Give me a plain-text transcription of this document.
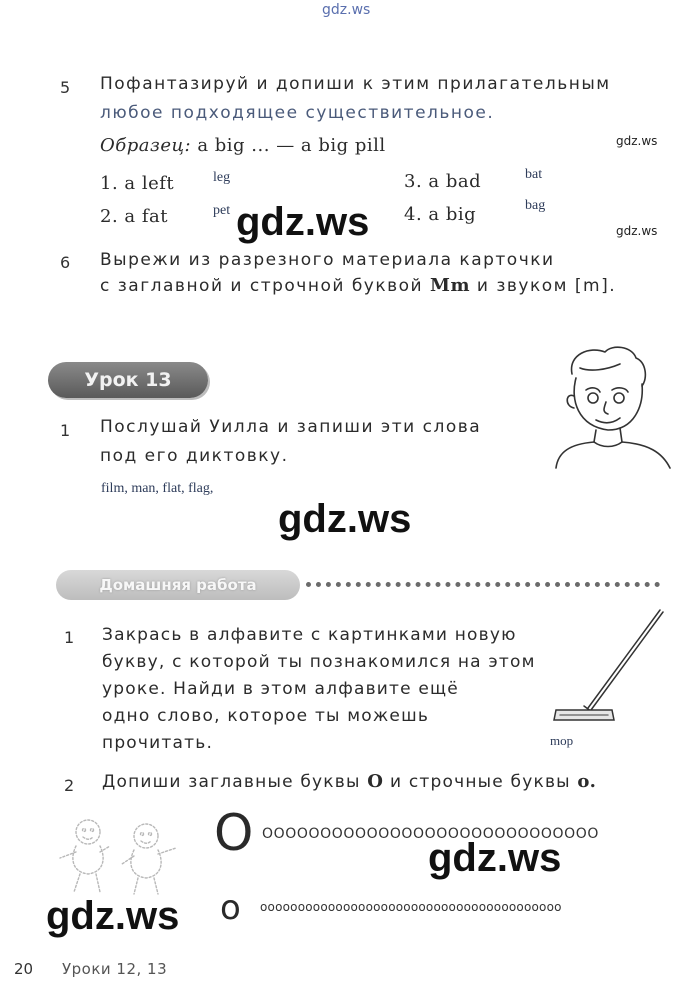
gdz.ws
5 Пофантазируй и допиши к этим прилагательным
любое подходящее существительное.
Образец: a big ... — a big pill	gdz.ws
1. a left	leg	3. a bad	bat
2. a fat	pet	4. a big	bag
gdz.ws
gdz.ws
6 Вырежи из разрезного материала карточки
с заглавной и строчной буквой Mm и звуком [m].
Урок 13
1 Послушай Уилла и запиши эти слова
под его диктовку.
film, man, flat, flag,
gdz.ws
Домашняя работа
1 Закрась в алфавите с картинками новую
букву, с которой ты познакомился на этом
уроке. Найди в этом алфавите ещё
одно слово, которое ты можешь
прочитать.	mop
2 Допиши заглавные буквы O и строчные буквы o.
O OOOOOOOOOOOOOOOOOOOOOOOOOOOOO
gdz.ws
o oooooooooooooooooooooooooooooooooooooooo
gdz.ws
20 Уроки 12, 13
